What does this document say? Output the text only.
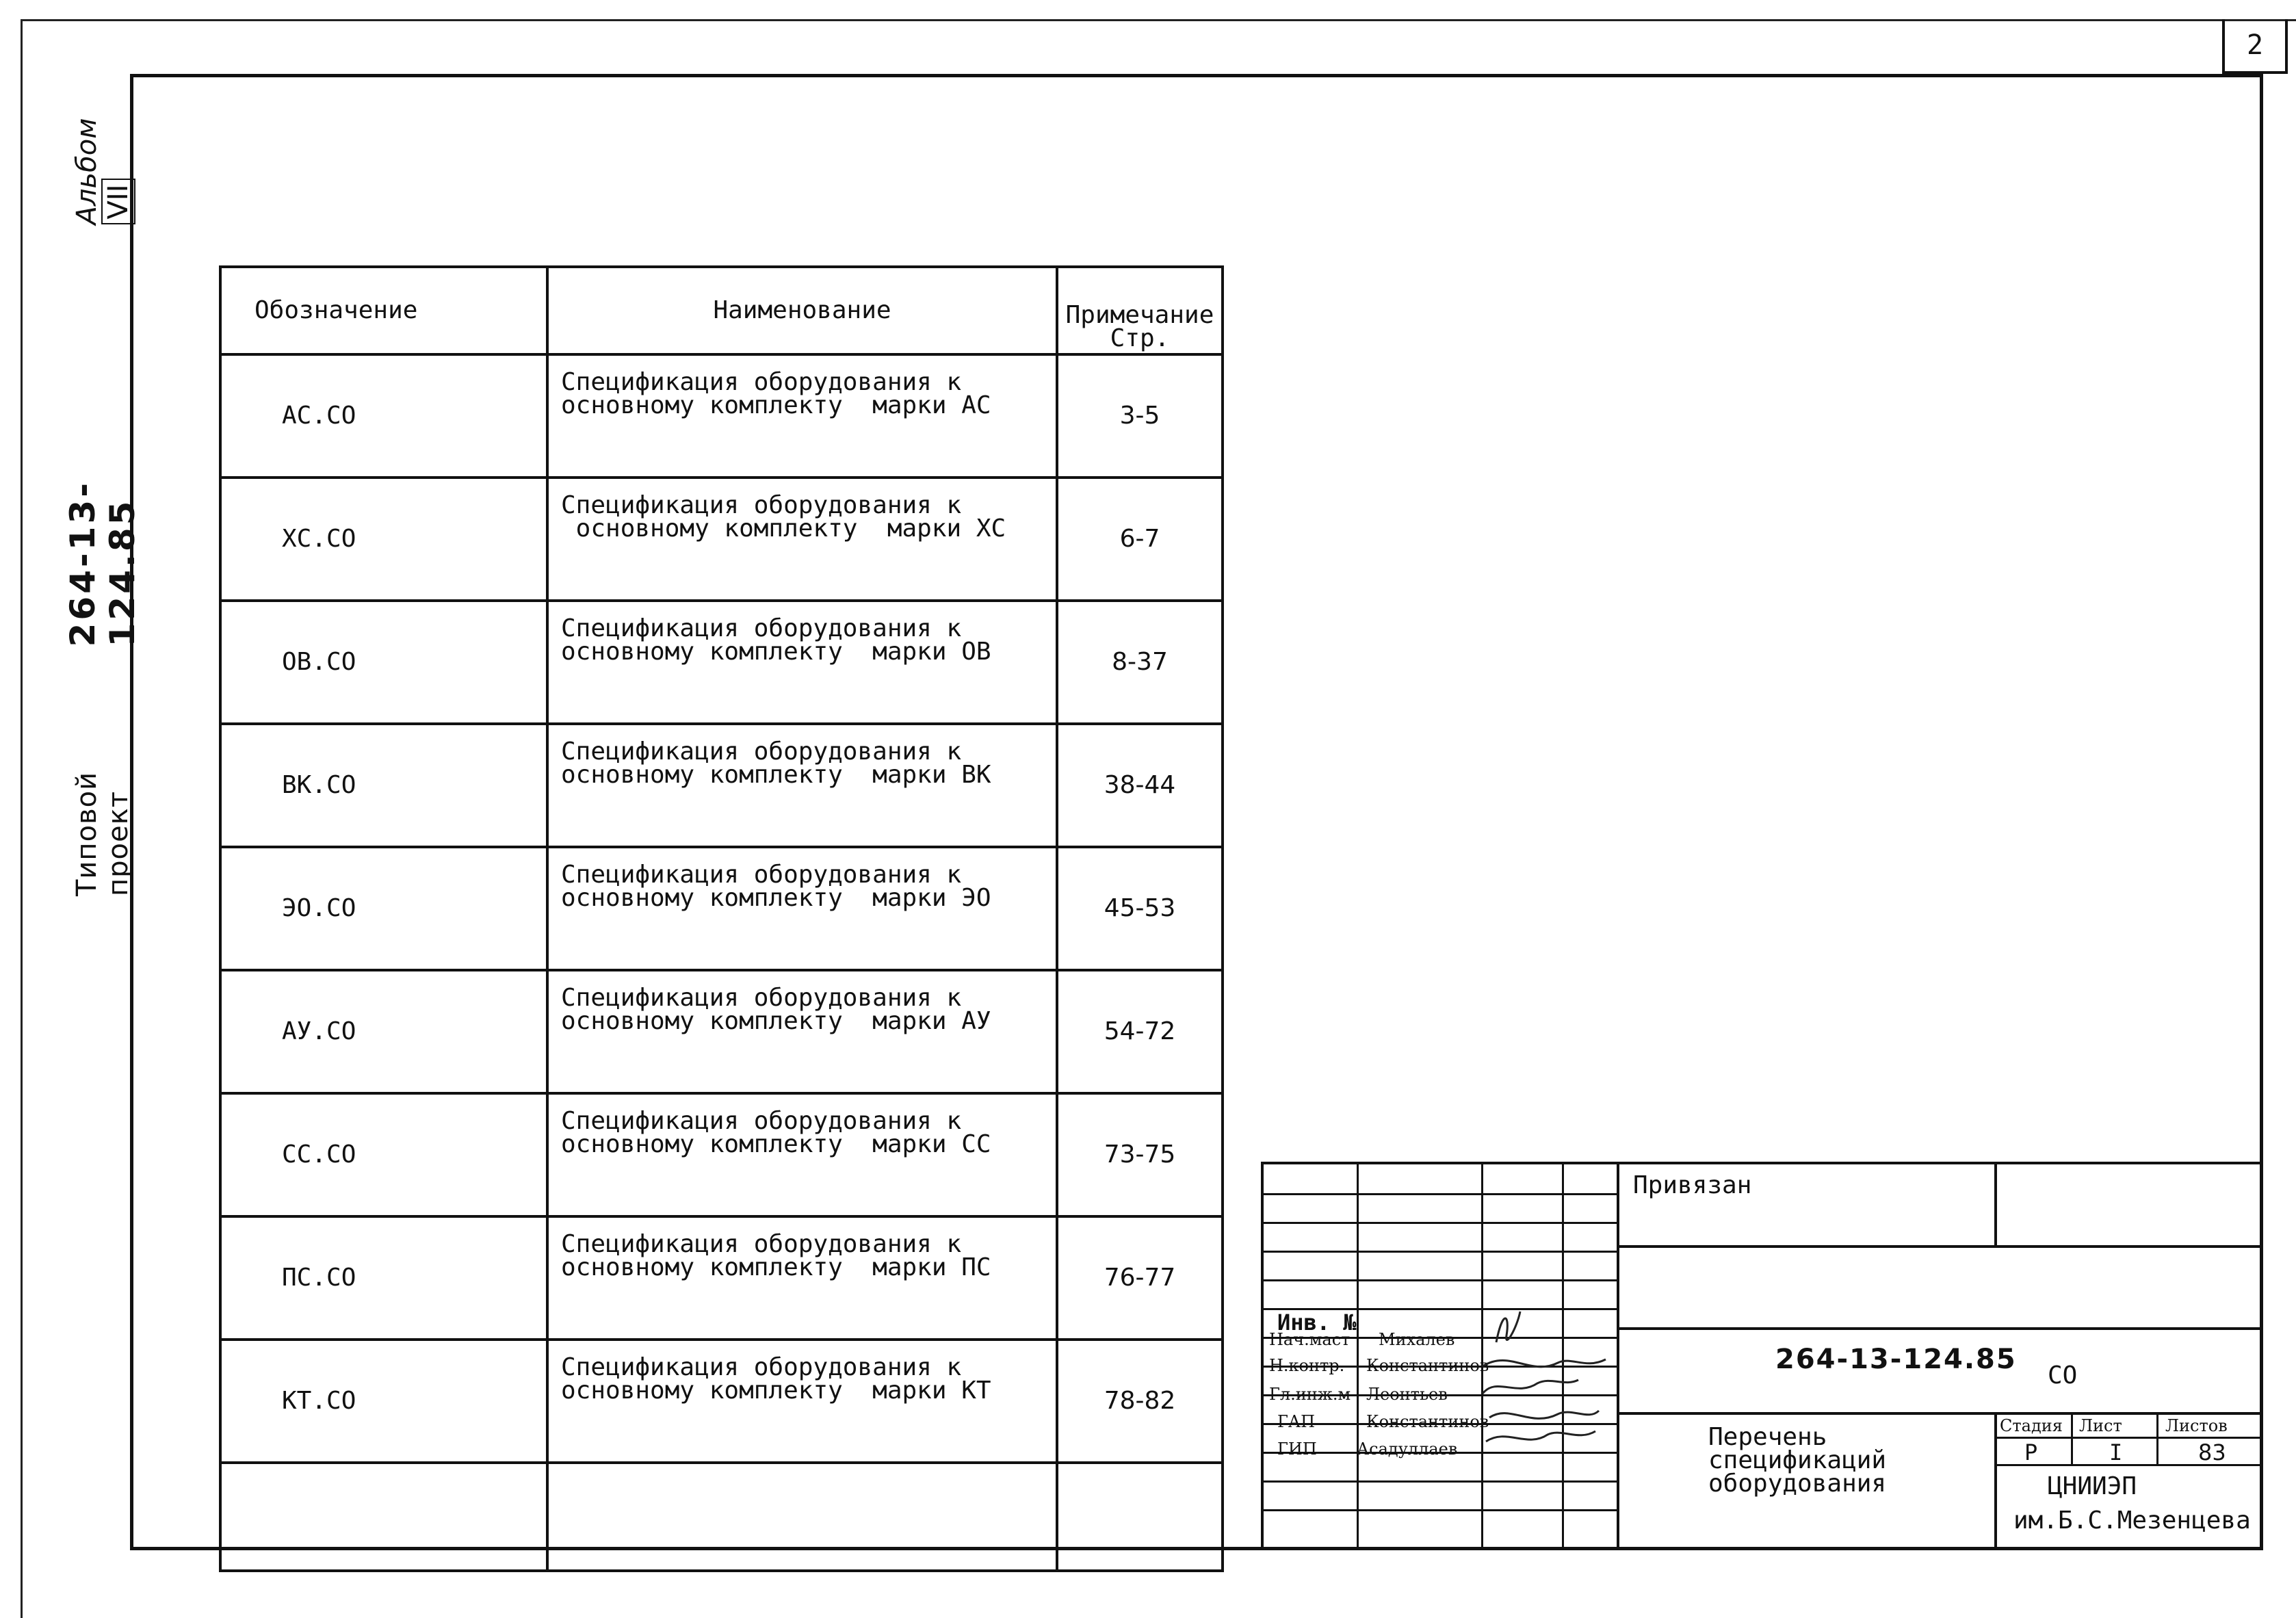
2
Типовой проект
264-13-124.85
Альбом VII
Обозначение	Наименование	Примечание
Стр.

АС.СО	Спецификация оборудования к
основному комплекту  марки АС	3-5
ХС.СО	Спецификация оборудования к
основному комплекту  марки ХС	6-7
ОВ.СО	Спецификация оборудования к
основному комплекту  марки ОВ	8-37
ВК.СО	Спецификация оборудования к
основному комплекту  марки ВК	38-44
ЭО.СО	Спецификация оборудования к
основному комплекту  марки ЭО	45-53
АУ.СО	Спецификация оборудования к
основному комплекту  марки АУ	54-72
СС.СО	Спецификация оборудования к
основному комплекту  марки СС	73-75
ПС.СО	Спецификация оборудования к
основному комплекту  марки ПС	76-77
КТ.СО	Спецификация оборудования к
основному комплекту  марки КТ	78-82

Привязан
Инв. №
Нач.маст Михалев
Н.контр. Константинов
Гл.инж.м Леонтьев
ГАП	Константинов
ГИП Асадуллаев
264-13-124.85
СО
Перечень
спецификаций
оборудования
Стадия Лист	Листов
Р	I	83
ЦНИИЭП
им.Б.С.Мезенцева
